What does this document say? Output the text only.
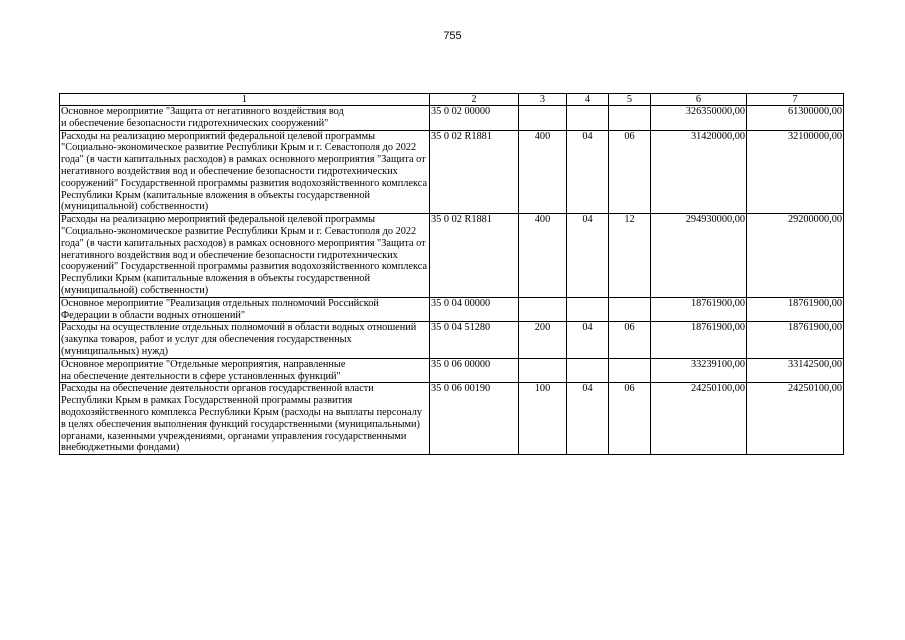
755
1	2	3	4	5	6	7
Основное мероприятие "Защита от негативного воздействия вод
и обеспечение безопасности гидротехнических сооружений"	35 0 02 00000				326350000,00	61300000,00
Расходы на реализацию мероприятий федеральной целевой программы "Социально-экономическое развитие Республики Крым и г. Севастополя до 2022 года" (в части капитальных расходов) в рамках основного мероприятия "Защита от негативного воздействия вод и обеспечение безопасности гидротехнических сооружений" Государственной программы развития водохозяйственного комплекса Республики Крым (капитальные вложения в объекты государственной (муниципальной) собственности)	35 0 02 R1881	400	04	06	31420000,00	32100000,00
Расходы на реализацию мероприятий федеральной целевой программы "Социально-экономическое развитие Республики Крым и г. Севастополя до 2022 года" (в части капитальных расходов) в рамках основного мероприятия "Защита от негативного воздействия вод и обеспечение безопасности гидротехнических сооружений" Государственной программы развития водохозяйственного комплекса Республики Крым (капитальные вложения в объекты государственной (муниципальной) собственности)	35 0 02 R1881	400	04	12	294930000,00	29200000,00
Основное мероприятие "Реализация отдельных полномочий Российской Федерации в области водных отношений"	35 0 04 00000				18761900,00	18761900,00
Расходы на осуществление отдельных полномочий в области водных отношений (закупка товаров, работ и услуг для обеспечения государственных (муниципальных) нужд)	35 0 04 51280	200	04	06	18761900,00	18761900,00
Основное мероприятие "Отдельные мероприятия, направленные
на обеспечение деятельности в сфере установленных функций"	35 0 06 00000				33239100,00	33142500,00
Расходы на обеспечение деятельности органов государственной власти Республики Крым в рамках Государственной программы развития водохозяйственного комплекса Республики Крым (расходы на выплаты персоналу в целях обеспечения выполнения функций государственными (муниципальными) органами, казенными учреждениями, органами управления государственными внебюджетными фондами)	35 0 06 00190	100	04	06	24250100,00	24250100,00
